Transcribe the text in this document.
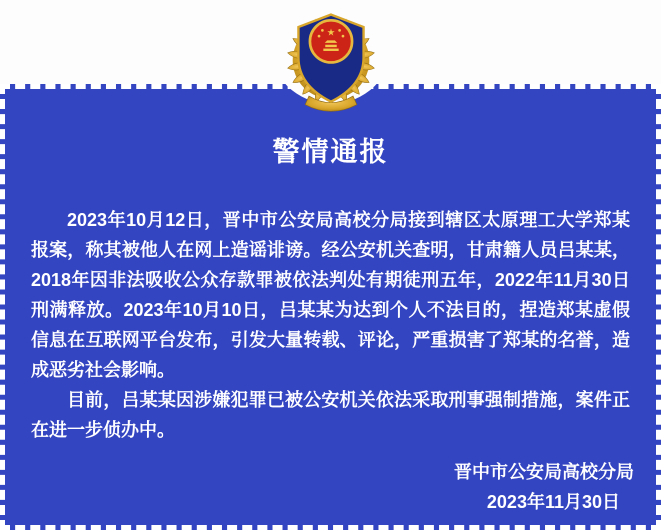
警情通报

2023年10月12日，晋中市公安局高校分局接到辖区太原理工大学郑某报案，称其被他人在网上造谣诽谤。经公安机关查明，甘肃籍人员吕某某，2018年因非法吸收公众存款罪被依法判处有期徒刑五年，2022年11月30日刑满释放。2023年10月10日，吕某某为达到个人不法目的，捏造郑某虚假信息在互联网平台发布，引发大量转载、评论，严重损害了郑某的名誉，造成恶劣社会影响。

目前，吕某某因涉嫌犯罪已被公安机关依法采取刑事强制措施，案件正在进一步侦办中。

晋中市公安局高校分局
2023年11月30日
★
